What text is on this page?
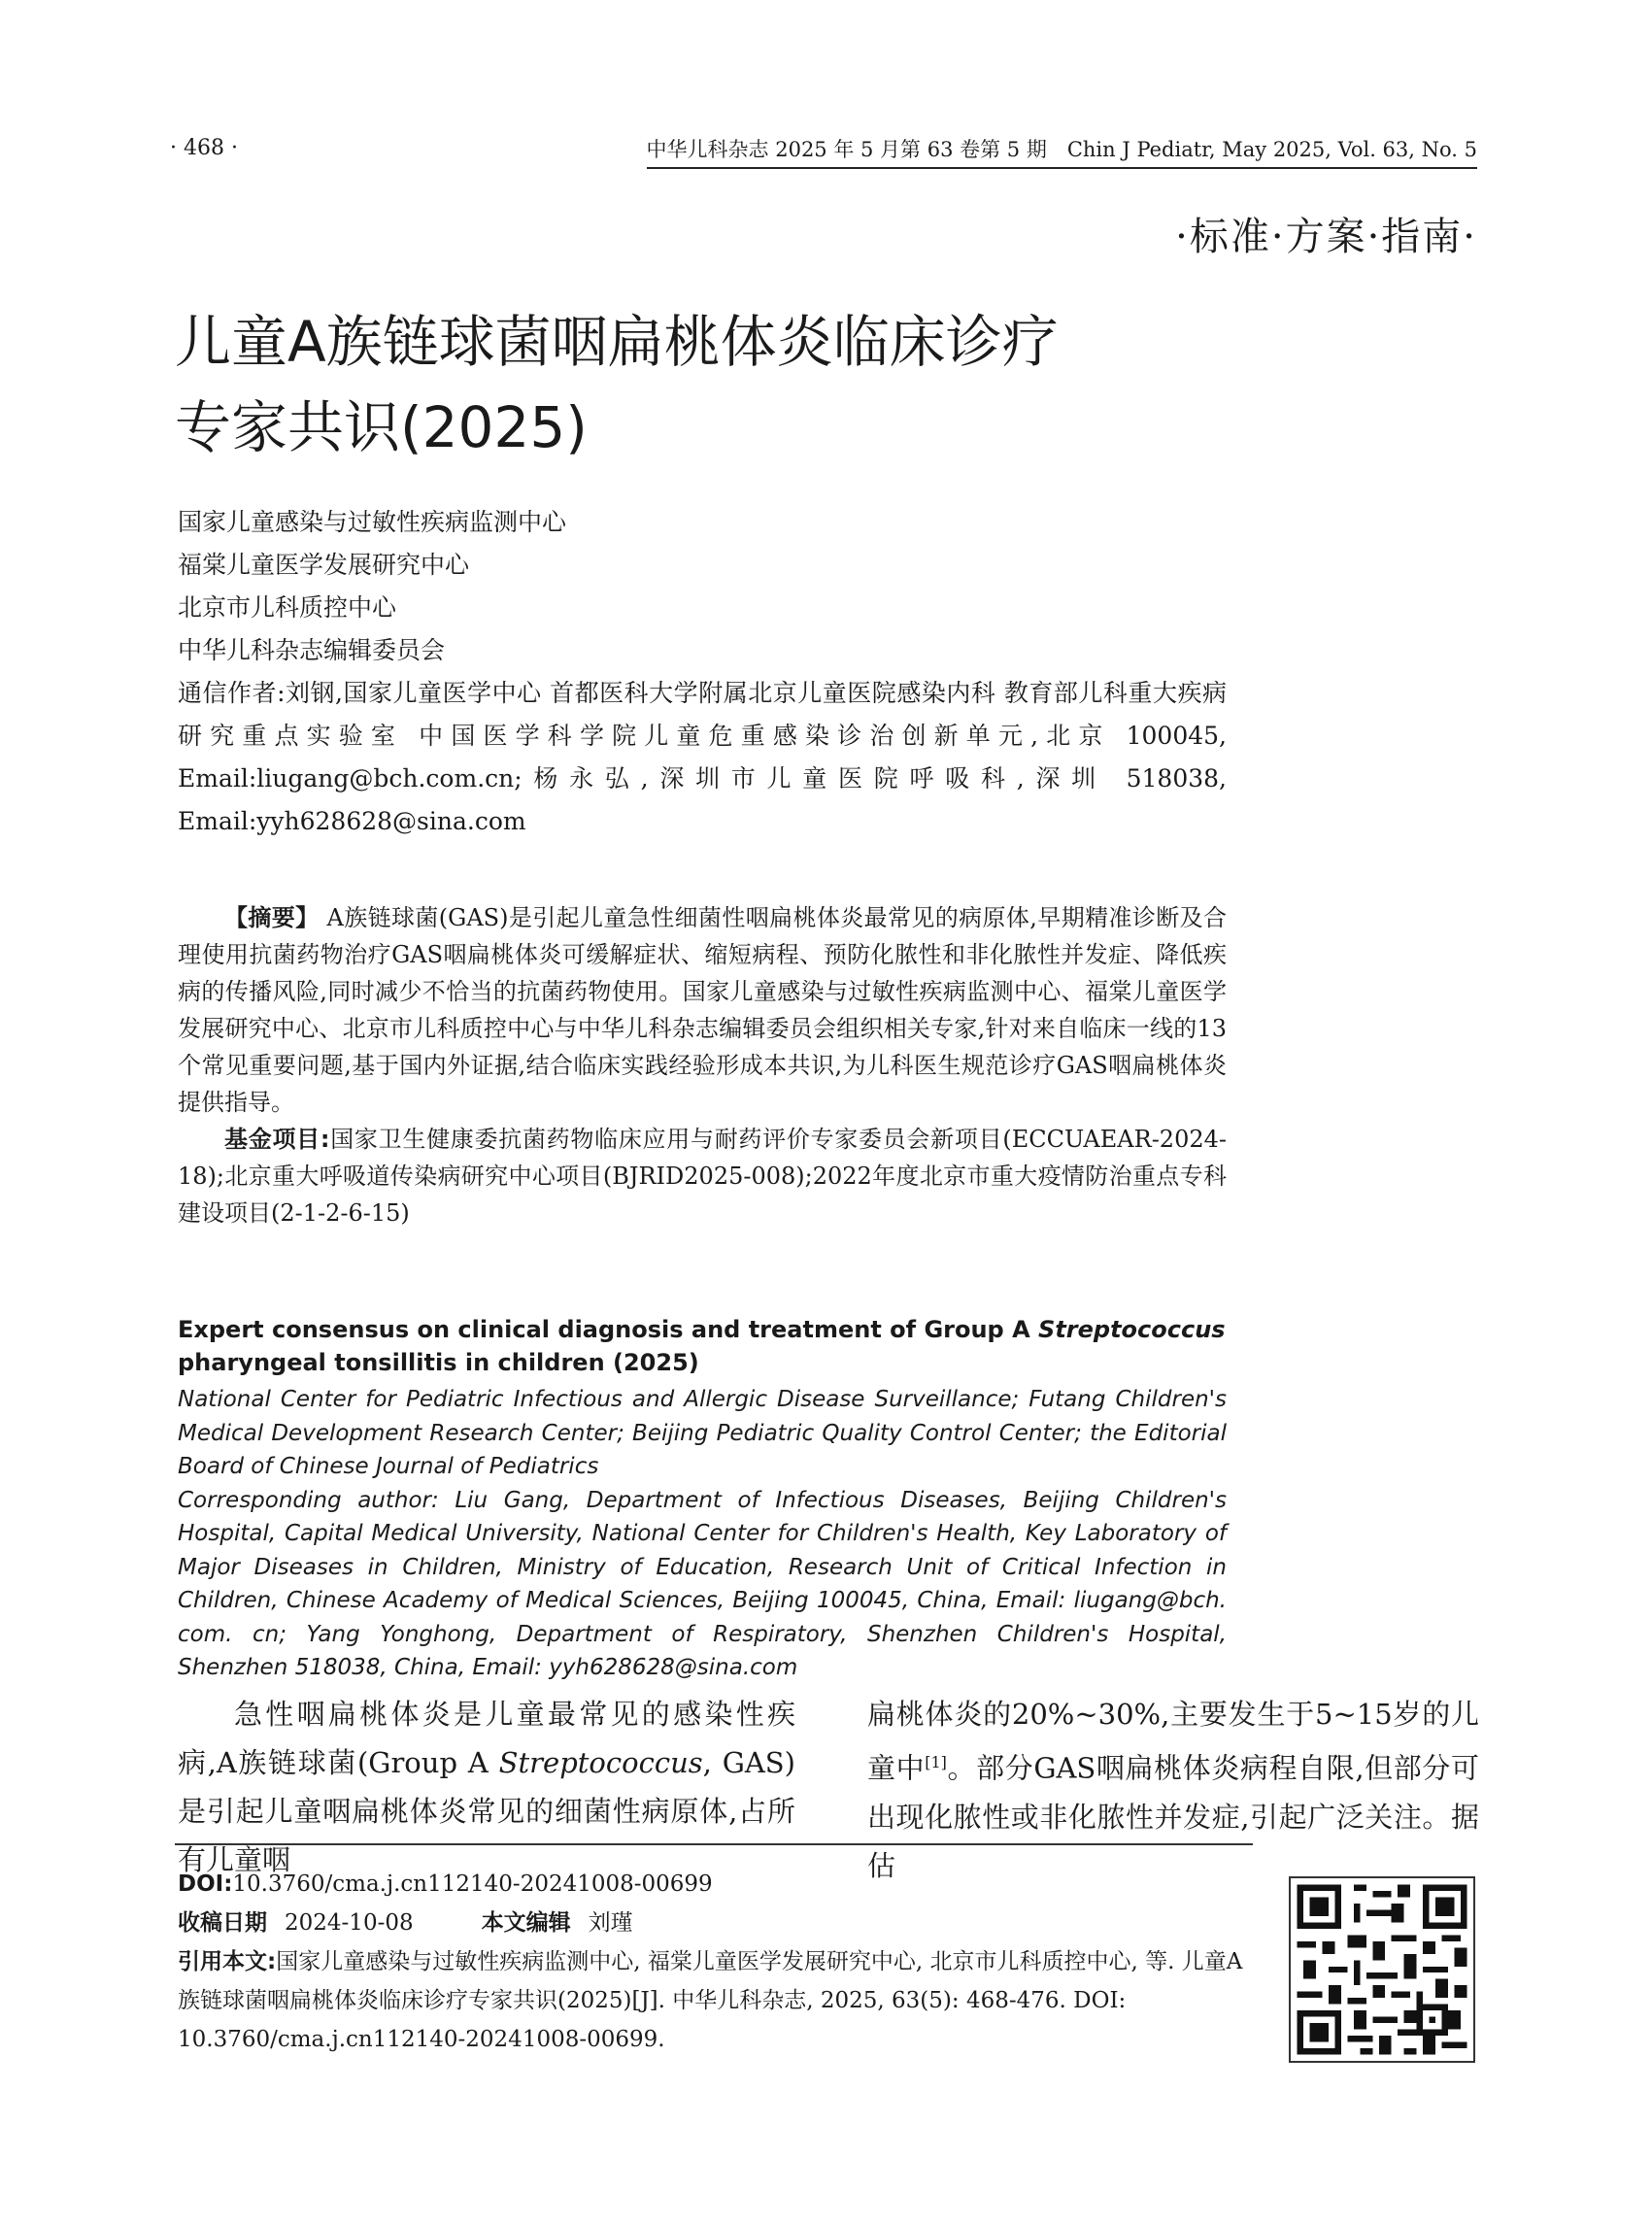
· 468 ·	中华儿科杂志 2025 年 5 月第 63 卷第 5 期　Chin J Pediatr, May 2025, Vol. 63, No. 5
·标准·方案·指南·
儿童A族链球菌咽扁桃体炎临床诊疗
专家共识(2025)
国家儿童感染与过敏性疾病监测中心
福棠儿童医学发展研究中心
北京市儿科质控中心
中华儿科杂志编辑委员会
通信作者:刘钢,国家儿童医学中心 首都医科大学附属北京儿童医院感染内科 教育部儿科重大疾病研究重点实验室 中国医学科学院儿童危重感染诊治创新单元,北京 100045, Email:liugang@bch.com.cn;杨永弘,深圳市儿童医院呼吸科,深圳 518038, Email:yyh628628@sina.com

【摘要】 A族链球菌(GAS)是引起儿童急性细菌性咽扁桃体炎最常见的病原体,早期精准诊断及合理使用抗菌药物治疗GAS咽扁桃体炎可缓解症状、缩短病程、预防化脓性和非化脓性并发症、降低疾病的传播风险,同时减少不恰当的抗菌药物使用。国家儿童感染与过敏性疾病监测中心、福棠儿童医学发展研究中心、北京市儿科质控中心与中华儿科杂志编辑委员会组织相关专家,针对来自临床一线的13个常见重要问题,基于国内外证据,结合临床实践经验形成本共识,为儿科医生规范诊疗GAS咽扁桃体炎提供指导。

基金项目:国家卫生健康委抗菌药物临床应用与耐药评价专家委员会新项目(ECCUAEAR-2024-18);北京重大呼吸道传染病研究中心项目(BJRID2025-008);2022年度北京市重大疫情防治重点专科建设项目(2-1-2-6-15)

Expert consensus on clinical diagnosis and treatment of Group A Streptococcus pharyngeal tonsillitis in children (2025)

National Center for Pediatric Infectious and Allergic Disease Surveillance; Futang Children's Medical Development Research Center; Beijing Pediatric Quality Control Center; the Editorial Board of Chinese Journal of Pediatrics

Corresponding author: Liu Gang, Department of Infectious Diseases, Beijing Children's Hospital, Capital Medical University, National Center for Children's Health, Key Laboratory of Major Diseases in Children, Ministry of Education, Research Unit of Critical Infection in Children, Chinese Academy of Medical Sciences, Beijing 100045, China, Email: liugang@bch. com. cn; Yang Yonghong, Department of Respiratory, Shenzhen Children's Hospital, Shenzhen 518038, China, Email: yyh628628@sina.com

急性咽扁桃体炎是儿童最常见的感染性疾病,A族链球菌(Group A Streptococcus, GAS)是引起儿童咽扁桃体炎常见的细菌性病原体,占所有儿童咽

扁桃体炎的20%~30%,主要发生于5~15岁的儿童中[1]。部分GAS咽扁桃体炎病程自限,但部分可出现化脓性或非化脓性并发症,引起广泛关注。据估

DOI:10.3760/cma.j.cn112140-20241008-00699
收稿日期 2024-10-08	本文编辑 刘瑾
引用本文:国家儿童感染与过敏性疾病监测中心, 福棠儿童医学发展研究中心, 北京市儿科质控中心, 等. 儿童A族链球菌咽扁桃体炎临床诊疗专家共识(2025)[J]. 中华儿科杂志, 2025, 63(5): 468-476. DOI: 10.3760/cma.j.cn112140-20241008-00699.
